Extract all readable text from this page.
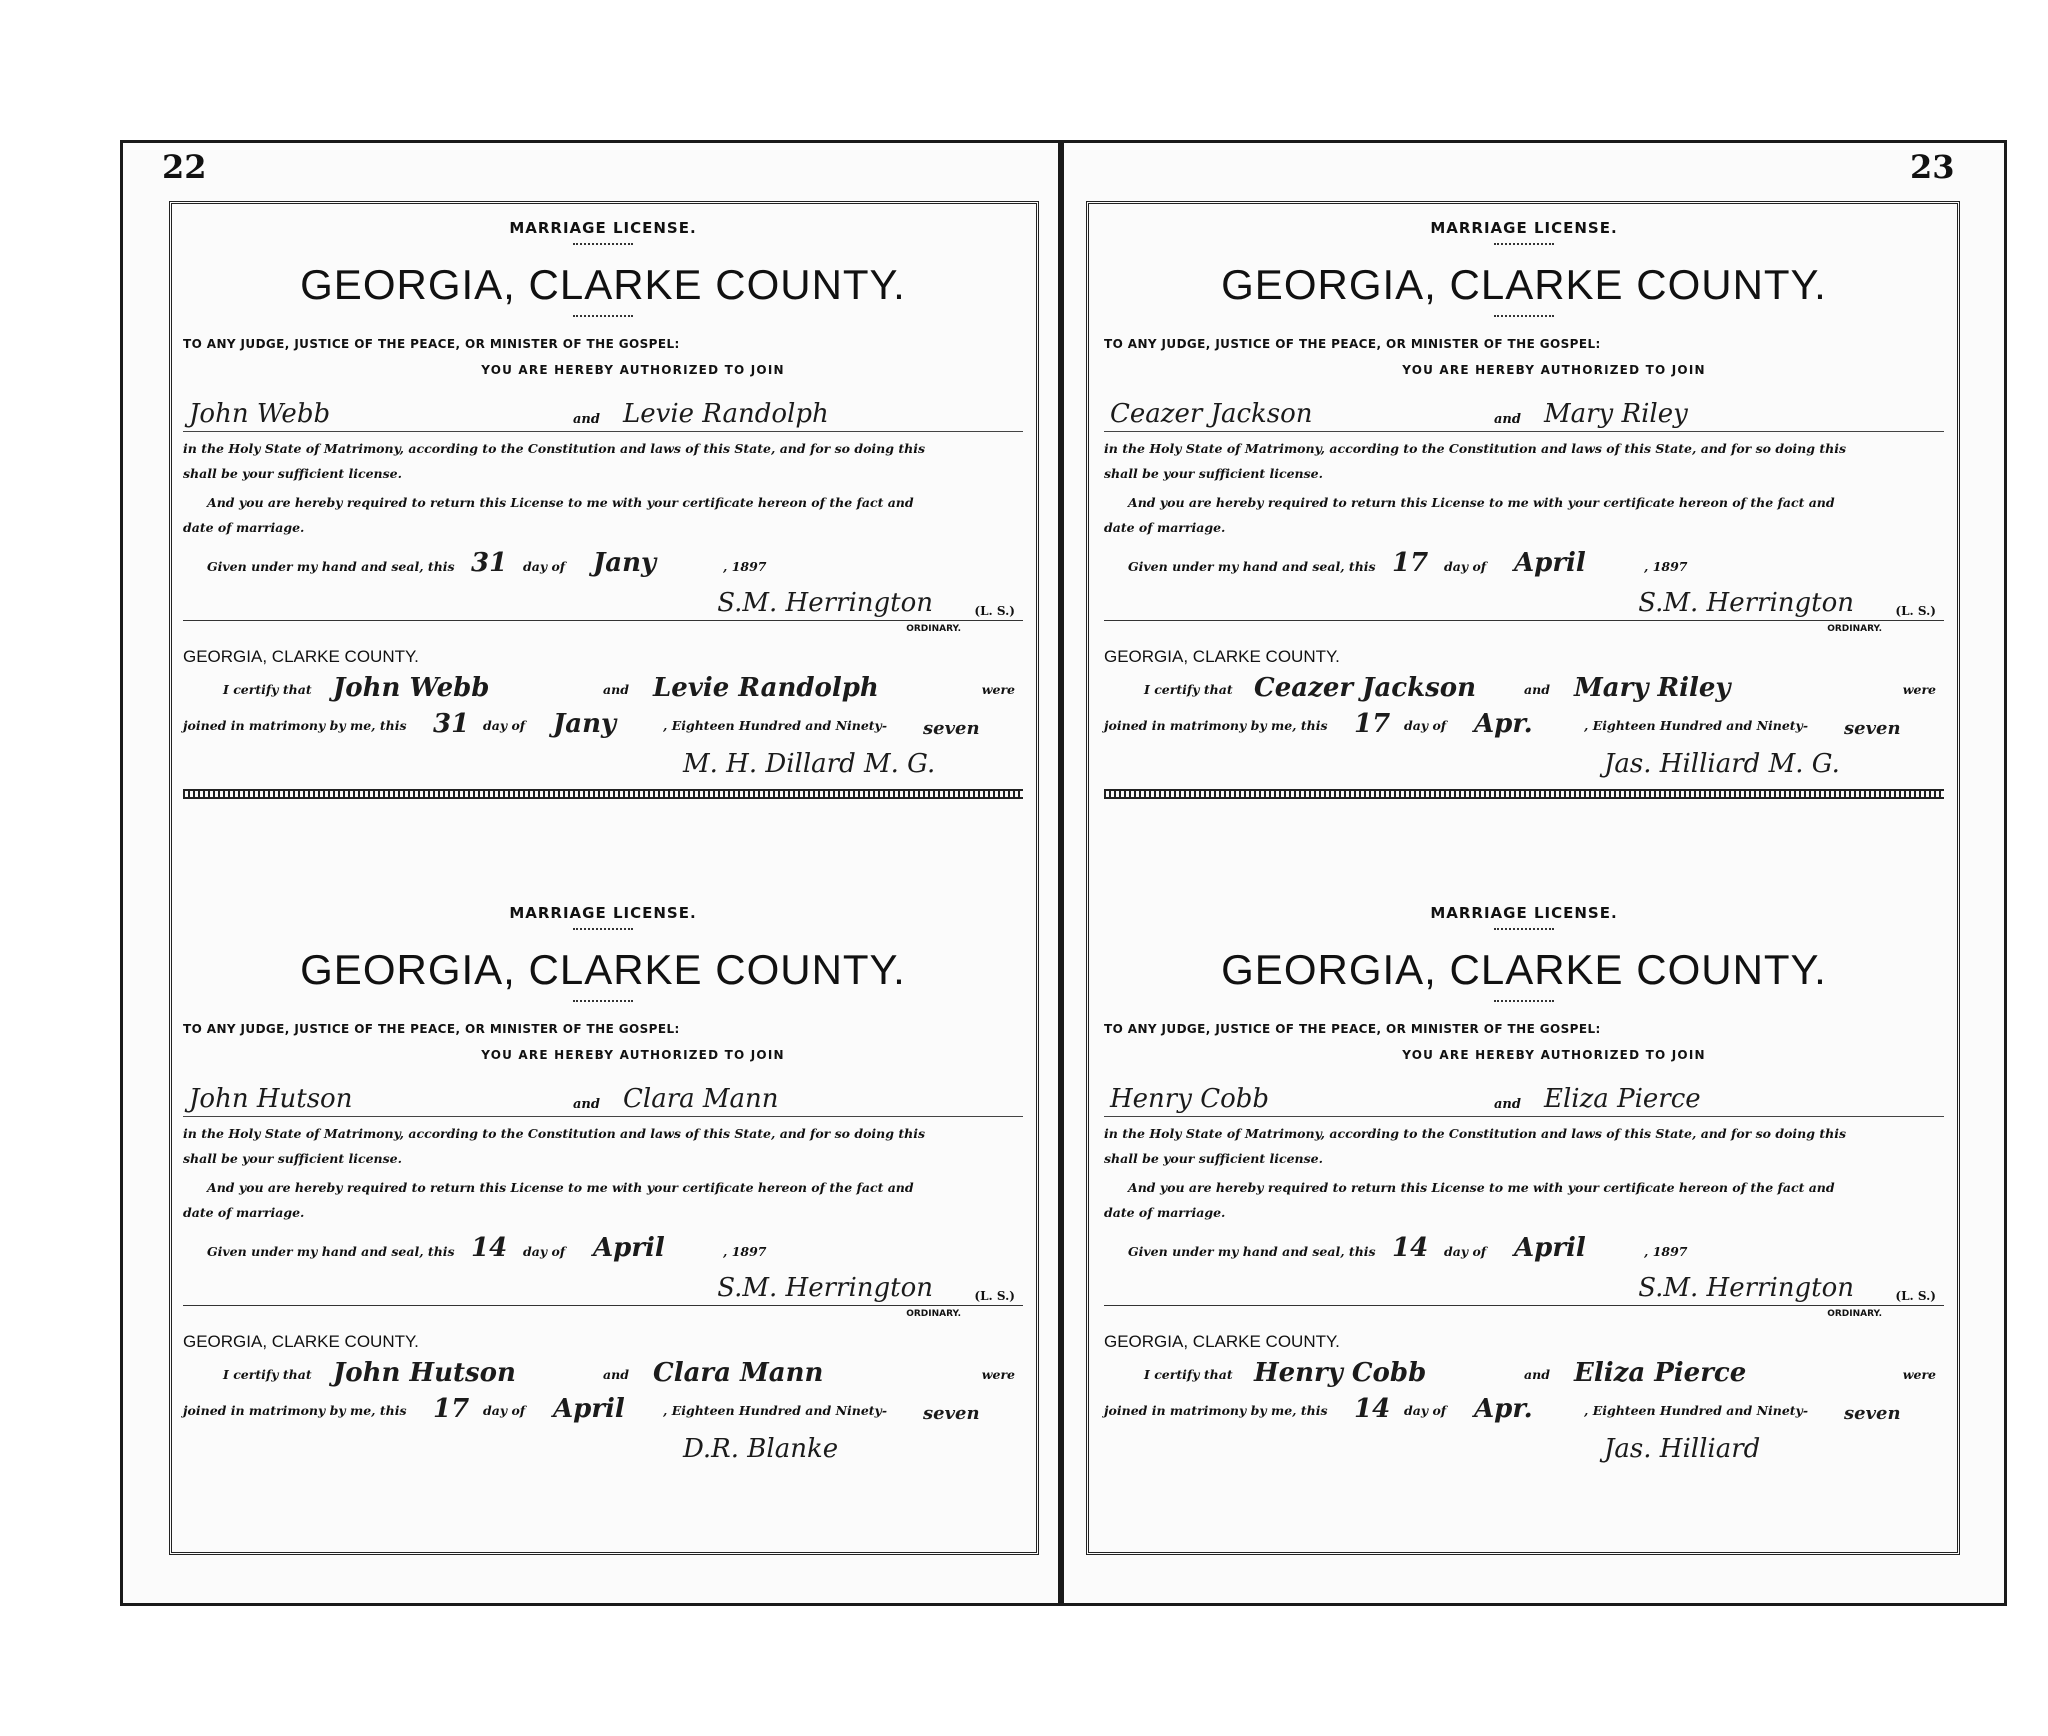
MARRIAGE LICENSE.
GEORGIA, CLARKE COUNTY.
TO ANY JUDGE, JUSTICE OF THE PEACE, OR MINISTER OF THE GOSPEL:
YOU ARE HEREBY AUTHORIZED TO JOIN
John Webb	and Levie Randolph
in the Holy State of Matrimony, according to the Constitution and laws of this State, and for so doing this
shall be your sufficient license.
And you are hereby required to return this License to me with your certificate hereon of the fact and
date of marriage.
Given under my hand and seal, this 31 day of Jany	, 1897
S.M. Herrington
ORDINARY.
(L. S.)
GEORGIA, CLARKE COUNTY.
I certify that John Webb	and Levie Randolph	were
joined in matrimony by me, this 31 day of Jany	, Eighteen Hundred and Ninety- seven
M. H. Dillard M. G.
MARRIAGE LICENSE.
GEORGIA, CLARKE COUNTY.
TO ANY JUDGE, JUSTICE OF THE PEACE, OR MINISTER OF THE GOSPEL:
YOU ARE HEREBY AUTHORIZED TO JOIN
John Hutson	and Clara Mann
in the Holy State of Matrimony, according to the Constitution and laws of this State, and for so doing this
shall be your sufficient license.
And you are hereby required to return this License to me with your certificate hereon of the fact and
date of marriage.
Given under my hand and seal, this 14 day of April	, 1897
S.M. Herrington
ORDINARY.
(L. S.)
GEORGIA, CLARKE COUNTY.
I certify that John Hutson	and Clara Mann	were
joined in matrimony by me, this 17 day of April	, Eighteen Hundred and Ninety- seven
D.R. Blanke
MARRIAGE LICENSE.
GEORGIA, CLARKE COUNTY.
TO ANY JUDGE, JUSTICE OF THE PEACE, OR MINISTER OF THE GOSPEL:
YOU ARE HEREBY AUTHORIZED TO JOIN
Ceazer Jackson	and Mary Riley
in the Holy State of Matrimony, according to the Constitution and laws of this State, and for so doing this
shall be your sufficient license.
And you are hereby required to return this License to me with your certificate hereon of the fact and
date of marriage.
Given under my hand and seal, this 17 day of April	, 1897
S.M. Herrington
ORDINARY.
(L. S.)
GEORGIA, CLARKE COUNTY.
I certify that Ceazer Jackson	and Mary Riley	were
joined in matrimony by me, this 17 day of Apr.	, Eighteen Hundred and Ninety- seven
Jas. Hilliard M. G.
MARRIAGE LICENSE.
GEORGIA, CLARKE COUNTY.
TO ANY JUDGE, JUSTICE OF THE PEACE, OR MINISTER OF THE GOSPEL:
YOU ARE HEREBY AUTHORIZED TO JOIN
Henry Cobb	and Eliza Pierce
in the Holy State of Matrimony, according to the Constitution and laws of this State, and for so doing this
shall be your sufficient license.
And you are hereby required to return this License to me with your certificate hereon of the fact and
date of marriage.
Given under my hand and seal, this 14 day of April	, 1897
S.M. Herrington
ORDINARY.
(L. S.)
GEORGIA, CLARKE COUNTY.
I certify that Henry Cobb	and Eliza Pierce	were
joined in matrimony by me, this 14 day of Apr.	, Eighteen Hundred and Ninety- seven
Jas. Hilliard
22	23
